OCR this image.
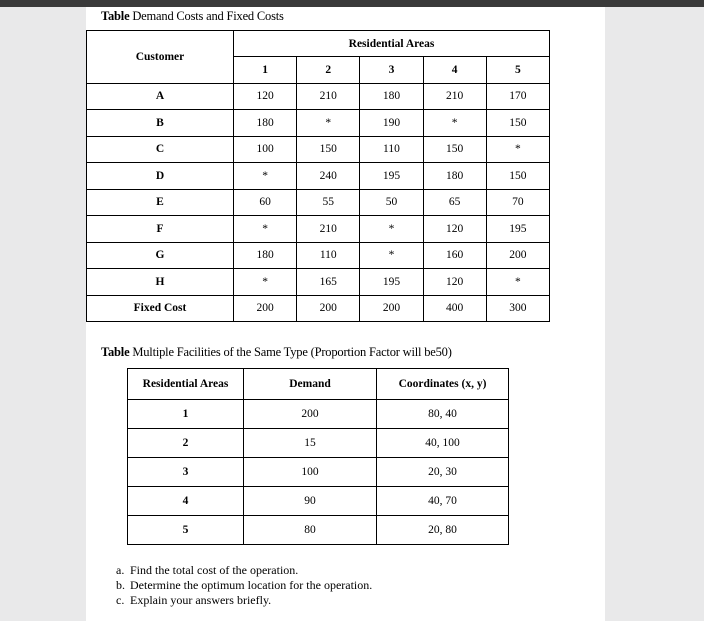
Table Demand Costs and Fixed Costs
Customer	Residential Areas				
	1	2	3	4	5
A	120	210	180	210	170
B	180	*	190	*	150
C	100	150	110	150	*
D	*	240	195	180	150
E	60	55	50	65	70
F	*	210	*	120	195
G	180	110	*	160	200
H	*	165	195	120	*
Fixed Cost	200	200	200	400	300
Table Multiple Facilities of the Same Type (Proportion Factor will be50)
Residential Areas	Demand	Coordinates (x, y)
1	200	80, 40
2	15	40, 100
3	100	20, 30
4	90	40, 70
5	80	20, 80
a. Find the total cost of the operation.
b. Determine the optimum location for the operation.
c. Explain your answers briefly.
